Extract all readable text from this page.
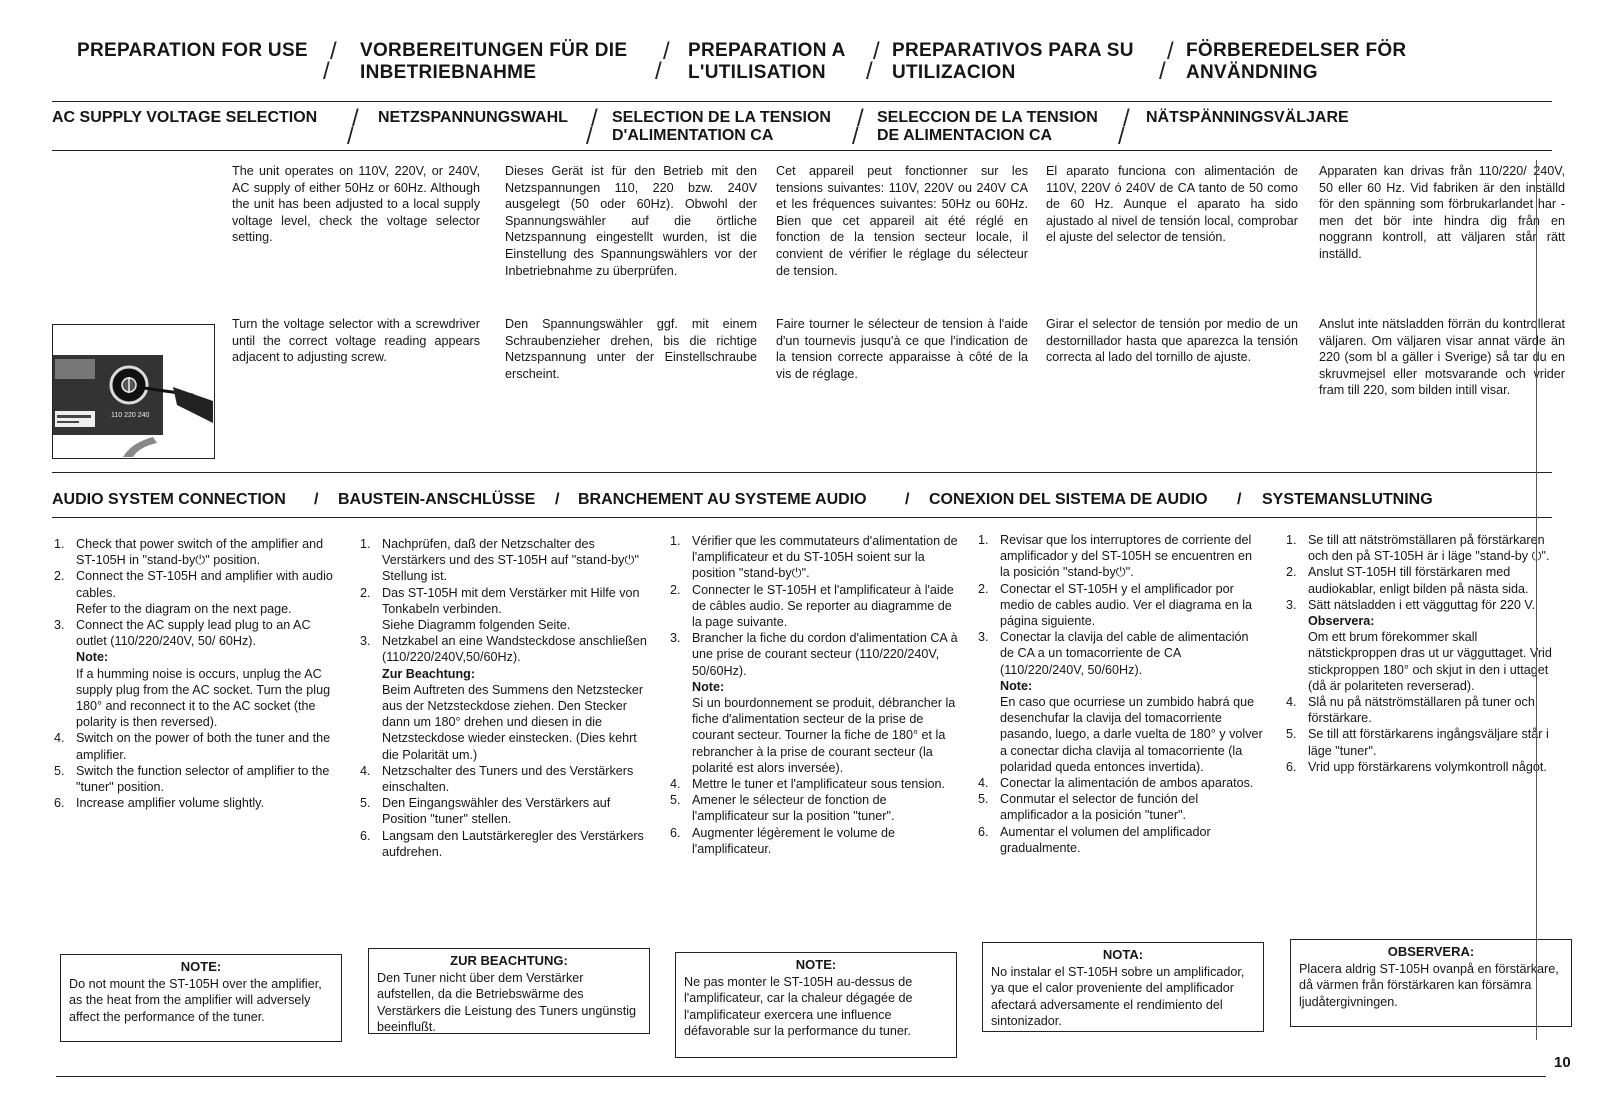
PREPARATION FOR USE /
/
VORBEREITUNGEN FÜR DIE
INBETRIEBNAHME
/
/
PREPARATION A
L'UTILISATION
/
/
PREPARATIVOS PARA SU
UTILIZACION
/
/
FÖRBEREDELSER FÖR
ANVÄNDNING
AC SUPPLY VOLTAGE SELECTION /
/
NETZSPANNUNGSWAHL /
/
SELECTION DE LA TENSION
D'ALIMENTATION CA
/
/
SELECCION DE LA TENSION
DE ALIMENTACION CA
/
/
NÄTSPÄNNINGSVÄLJARE
The unit operates on 110V, 220V, or 240V, AC supply of either 50Hz or 60Hz. Although the unit has been adjusted to a local supply voltage level, check the voltage selector setting.
Dieses Gerät ist für den Betrieb mit den Netzspannungen 110, 220 bzw. 240V ausgelegt (50 oder 60Hz). Obwohl der Spannungswähler auf die örtliche Netzspannung eingestellt wurden, ist die Einstellung des Spannungswählers vor der Inbetriebnahme zu überprüfen.
Cet appareil peut fonctionner sur les tensions suivantes: 110V, 220V ou 240V CA et les fréquences suivantes: 50Hz ou 60Hz. Bien que cet appareil ait été réglé en fonction de la tension secteur locale, il convient de vérifier le réglage du sélecteur de tension.
El aparato funciona con alimentación de 110V, 220V ó 240V de CA tanto de 50 como de 60 Hz. Aunque el aparato ha sido ajustado al nivel de tensión local, comprobar el ajuste del selector de tensión.
Apparaten kan drivas från 110/220/ 240V, 50 eller 60 Hz. Vid fabriken är den inställd för den spänning som förbrukarlandet har - men det bör inte hindra dig från en noggrann kontroll, att väljaren står rätt inställd.
110 220 240
Turn the voltage selector with a screwdriver until the correct voltage reading appears adjacent to adjusting screw.
Den Spannungswähler ggf. mit einem Schraubenzieher drehen, bis die richtige Netzspannung unter der Einstellschraube erscheint.
Faire tourner le sélecteur de tension à l'aide d'un tournevis jusqu'à ce que l'indication de la tension correcte apparaisse à côté de la vis de réglage.
Girar el selector de tensión por medio de un destornillador hasta que aparezca la tensión correcta al lado del tornillo de ajuste.
Anslut inte nätsladden förrän du kontrollerat väljaren. Om väljaren visar annat värde än 220 (som bl a gäller i Sverige) så tar du en skruvmejsel eller motsvarande och vrider fram till 220, som bilden intill visar.
AUDIO SYSTEM CONNECTION / BAUSTEIN-ANSCHLÜSSE / BRANCHEMENT AU SYSTEME AUDIO / CONEXION DEL SISTEMA DE AUDIO / SYSTEMANSLUTNING
1. Check that power switch of the amplifier and ST-105H in "stand-by⏻" position.
2. Connect the ST-105H and amplifier with audio cables.
Refer to the diagram on the next page.
3. Connect the AC supply lead plug to an AC outlet (110/220/240V, 50/ 60Hz).
Note:
If a humming noise is occurs, unplug the AC supply plug from the AC socket. Turn the plug 180° and reconnect it to the AC socket (the polarity is then reversed).
4. Switch on the power of both the tuner and the amplifier.
5. Switch the function selector of amplifier to the "tuner" position.
6. Increase amplifier volume slightly.
1. Nachprüfen, daß der Netzschalter des Verstärkers und des ST-105H auf "stand-by⏻" Stellung ist.
2. Das ST-105H mit dem Verstärker mit Hilfe von Tonkabeln verbinden.
Siehe Diagramm folgenden Seite.
3. Netzkabel an eine Wandsteckdose anschließen (110/220/240V,50/60Hz).
Zur Beachtung:
Beim Auftreten des Summens den Netzstecker aus der Netzsteckdose ziehen. Den Stecker dann um 180° drehen und diesen in die Netzsteckdose wieder einstecken. (Dies kehrt die Polarität um.)
4. Netzschalter des Tuners und des Verstärkers einschalten.
5. Den Eingangswähler des Verstärkers auf Position "tuner" stellen.
6. Langsam den Lautstärkeregler des Verstärkers aufdrehen.
1. Vérifier que les commutateurs d'alimentation de l'amplificateur et du ST-105H soient sur la position "stand-by⏻".
2. Connecter le ST-105H et l'amplificateur à l'aide de câbles audio. Se reporter au diagramme de la page suivante.
3. Brancher la fiche du cordon d'alimentation CA à une prise de courant secteur (110/220/240V, 50/60Hz).
Note:
Si un bourdonnement se produit, débrancher la fiche d'alimentation secteur de la prise de courant secteur. Tourner la fiche de 180° et la rebrancher à la prise de courant secteur (la polarité est alors inversée).
4. Mettre le tuner et l'amplificateur sous tension.
5. Amener le sélecteur de fonction de l'amplificateur sur la position "tuner".
6. Augmenter légèrement le volume de l'amplificateur.
1. Revisar que los interruptores de corriente del amplificador y del ST-105H se encuentren en la posición "stand-by⏻".
2. Conectar el ST-105H y el amplificador por medio de cables audio. Ver el diagrama en la página siguiente.
3. Conectar la clavija del cable de alimentación de CA a un tomacorriente de CA (110/220/240V, 50/60Hz).
Note:
En caso que ocurriese un zumbido habrá que desenchufar la clavija del tomacorriente pasando, luego, a darle vuelta de 180° y volver a conectar dicha clavija al tomacorriente (la polaridad queda entonces invertida).
4. Conectar la alimentación de ambos aparatos.
5. Conmutar el selector de función del amplificador a la posición "tuner".
6. Aumentar el volumen del amplificador gradualmente.
1. Se till att nätströmställaren på förstärkaren och den på ST-105H är i läge "stand-by ⏻".
2. Anslut ST-105H till förstärkaren med audiokablar, enligt bilden på nästa sida.
3. Sätt nätsladden i ett vägguttag för 220 V.
Observera:
Om ett brum förekommer skall nätstickproppen dras ut ur vägguttaget. Vrid stickproppen 180° och skjut in den i uttaget (då är polariteten reverserad).
4. Slå nu på nätströmställaren på tuner och förstärkare.
5. Se till att förstärkarens ingångsväljare står i läge "tuner".
6. Vrid upp förstärkarens volymkontroll något.
NOTE:
Do not mount the ST-105H over the amplifier, as the heat from the amplifier will adversely affect the performance of the tuner.
ZUR BEACHTUNG:
Den Tuner nicht über dem Verstärker aufstellen, da die Betriebswärme des Verstärkers die Leistung des Tuners ungünstig beeinflußt.
NOTE:
Ne pas monter le ST-105H au-dessus de l'amplificateur, car la chaleur dégagée de l'amplificateur exercera une influence défavorable sur la performance du tuner.
NOTA:
No instalar el ST-105H sobre un amplificador, ya que el calor proveniente del amplificador afectará adversamente el rendimiento del sintonizador.
OBSERVERA:
Placera aldrig ST-105H ovanpå en förstärkare, då värmen från förstärkaren kan försämra ljudåtergivningen.
10
